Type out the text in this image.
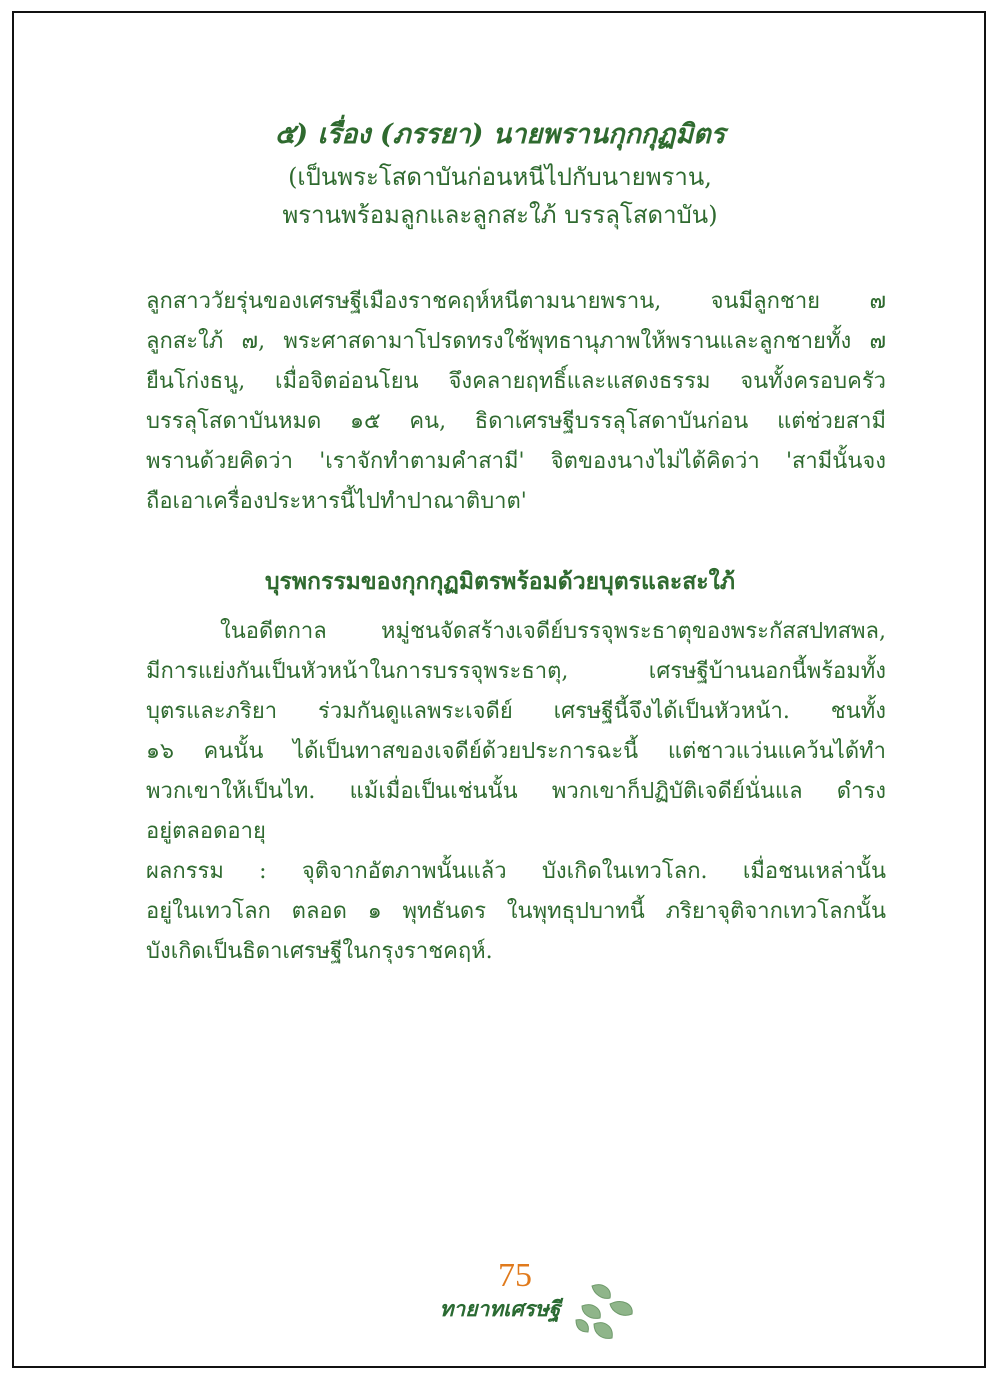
๕) เรื่อง (ภรรยา) นายพรานกุกกุฏมิตร
(เป็นพระโสดาบันก่อนหนีไปกับนายพราน,
พรานพร้อมลูกและลูกสะใภ้ บรรลุโสดาบัน)
ลูกสาววัยรุ่นของเศรษฐีเมืองราชคฤห์หนีตามนายพราน, จนมีลูกชาย ๗
ลูกสะใภ้ ๗, พระศาสดามาโปรดทรงใช้พุทธานุภาพให้พรานและลูกชายทั้ง ๗
ยืนโก่งธนู, เมื่อจิตอ่อนโยน จึงคลายฤทธิ์และแสดงธรรม จนทั้งครอบครัว
บรรลุโสดาบันหมด ๑๕ คน, ธิดาเศรษฐีบรรลุโสดาบันก่อน แต่ช่วยสามี
พรานด้วยคิดว่า 'เราจักทำตามคำสามี' จิตของนางไม่ได้คิดว่า 'สามีนั้นจง
ถือเอาเครื่องประหารนี้ไปทำปาณาติบาต'
บุรพกรรมของกุกกุฏมิตรพร้อมด้วยบุตรและสะใภ้
ในอดีตกาล หมู่ชนจัดสร้างเจดีย์บรรจุพระธาตุของพระกัสสปทสพล,
มีการแย่งกันเป็นหัวหน้าในการบรรจุพระธาตุ, เศรษฐีบ้านนอกนี้พร้อมทั้ง
บุตรและภริยา ร่วมกันดูแลพระเจดีย์ เศรษฐีนี้จึงได้เป็นหัวหน้า. ชนทั้ง
๑๖ คนนั้น ได้เป็นทาสของเจดีย์ด้วยประการฉะนี้ แต่ชาวแว่นแคว้นได้ทำ
พวกเขาให้เป็นไท. แม้เมื่อเป็นเช่นนั้น พวกเขาก็ปฏิบัติเจดีย์นั่นแล ดำรง
อยู่ตลอดอายุ
ผลกรรม : จุติจากอัตภาพนั้นแล้ว บังเกิดในเทวโลก. เมื่อชนเหล่านั้น
อยู่ในเทวโลก ตลอด ๑ พุทธันดร ในพุทธุปบาทนี้ ภริยาจุติจากเทวโลกนั้น
บังเกิดเป็นธิดาเศรษฐีในกรุงราชคฤห์.
75
ทายาทเศรษฐี
